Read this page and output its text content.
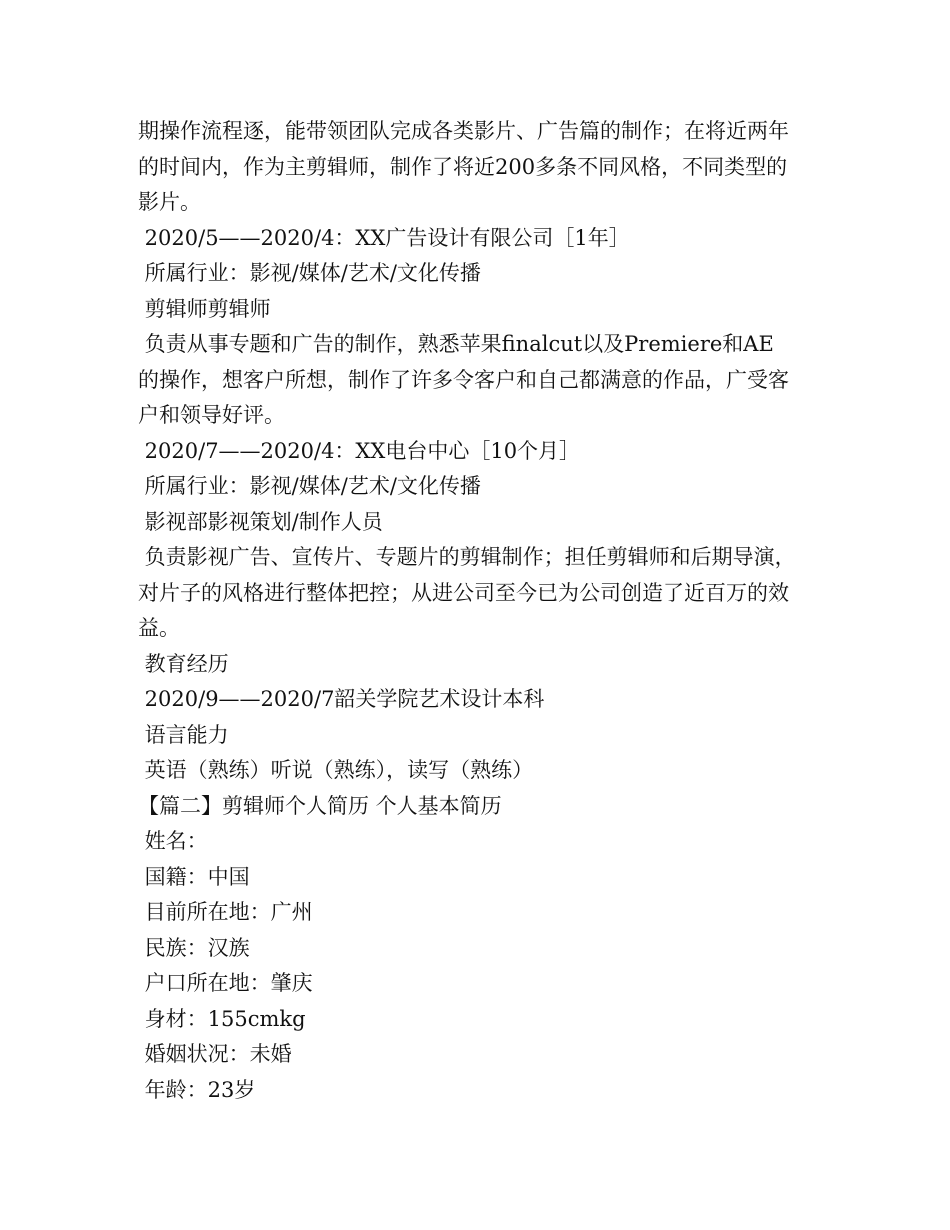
期操作流程逐，能带领团队完成各类影片、广告篇的制作；在将近两年
的时间内，作为主剪辑师，制作了将近200多条不同风格，不同类型的
影片。
2020/5——2020/4：XX广告设计有限公司［1年］
所属行业：影视/媒体/艺术/文化传播
剪辑师剪辑师
负责从事专题和广告的制作，熟悉苹果finalcut以及Premiere和AE
的操作，想客户所想，制作了许多令客户和自己都满意的作品，广受客
户和领导好评。
2020/7——2020/4：XX电台中心［10个月］
所属行业：影视/媒体/艺术/文化传播
影视部影视策划/制作人员
负责影视广告、宣传片、专题片的剪辑制作；担任剪辑师和后期导演，
对片子的风格进行整体把控；从进公司至今已为公司创造了近百万的效
益。
教育经历
2020/9——2020/7韶关学院艺术设计本科
语言能力
英语（熟练）听说（熟练），读写（熟练）
【篇二】剪辑师个人简历 个人基本简历
姓名：
国籍：中国
目前所在地：广州
民族：汉族
户口所在地：肇庆
身材：155cmkg
婚姻状况：未婚
年龄：23岁
